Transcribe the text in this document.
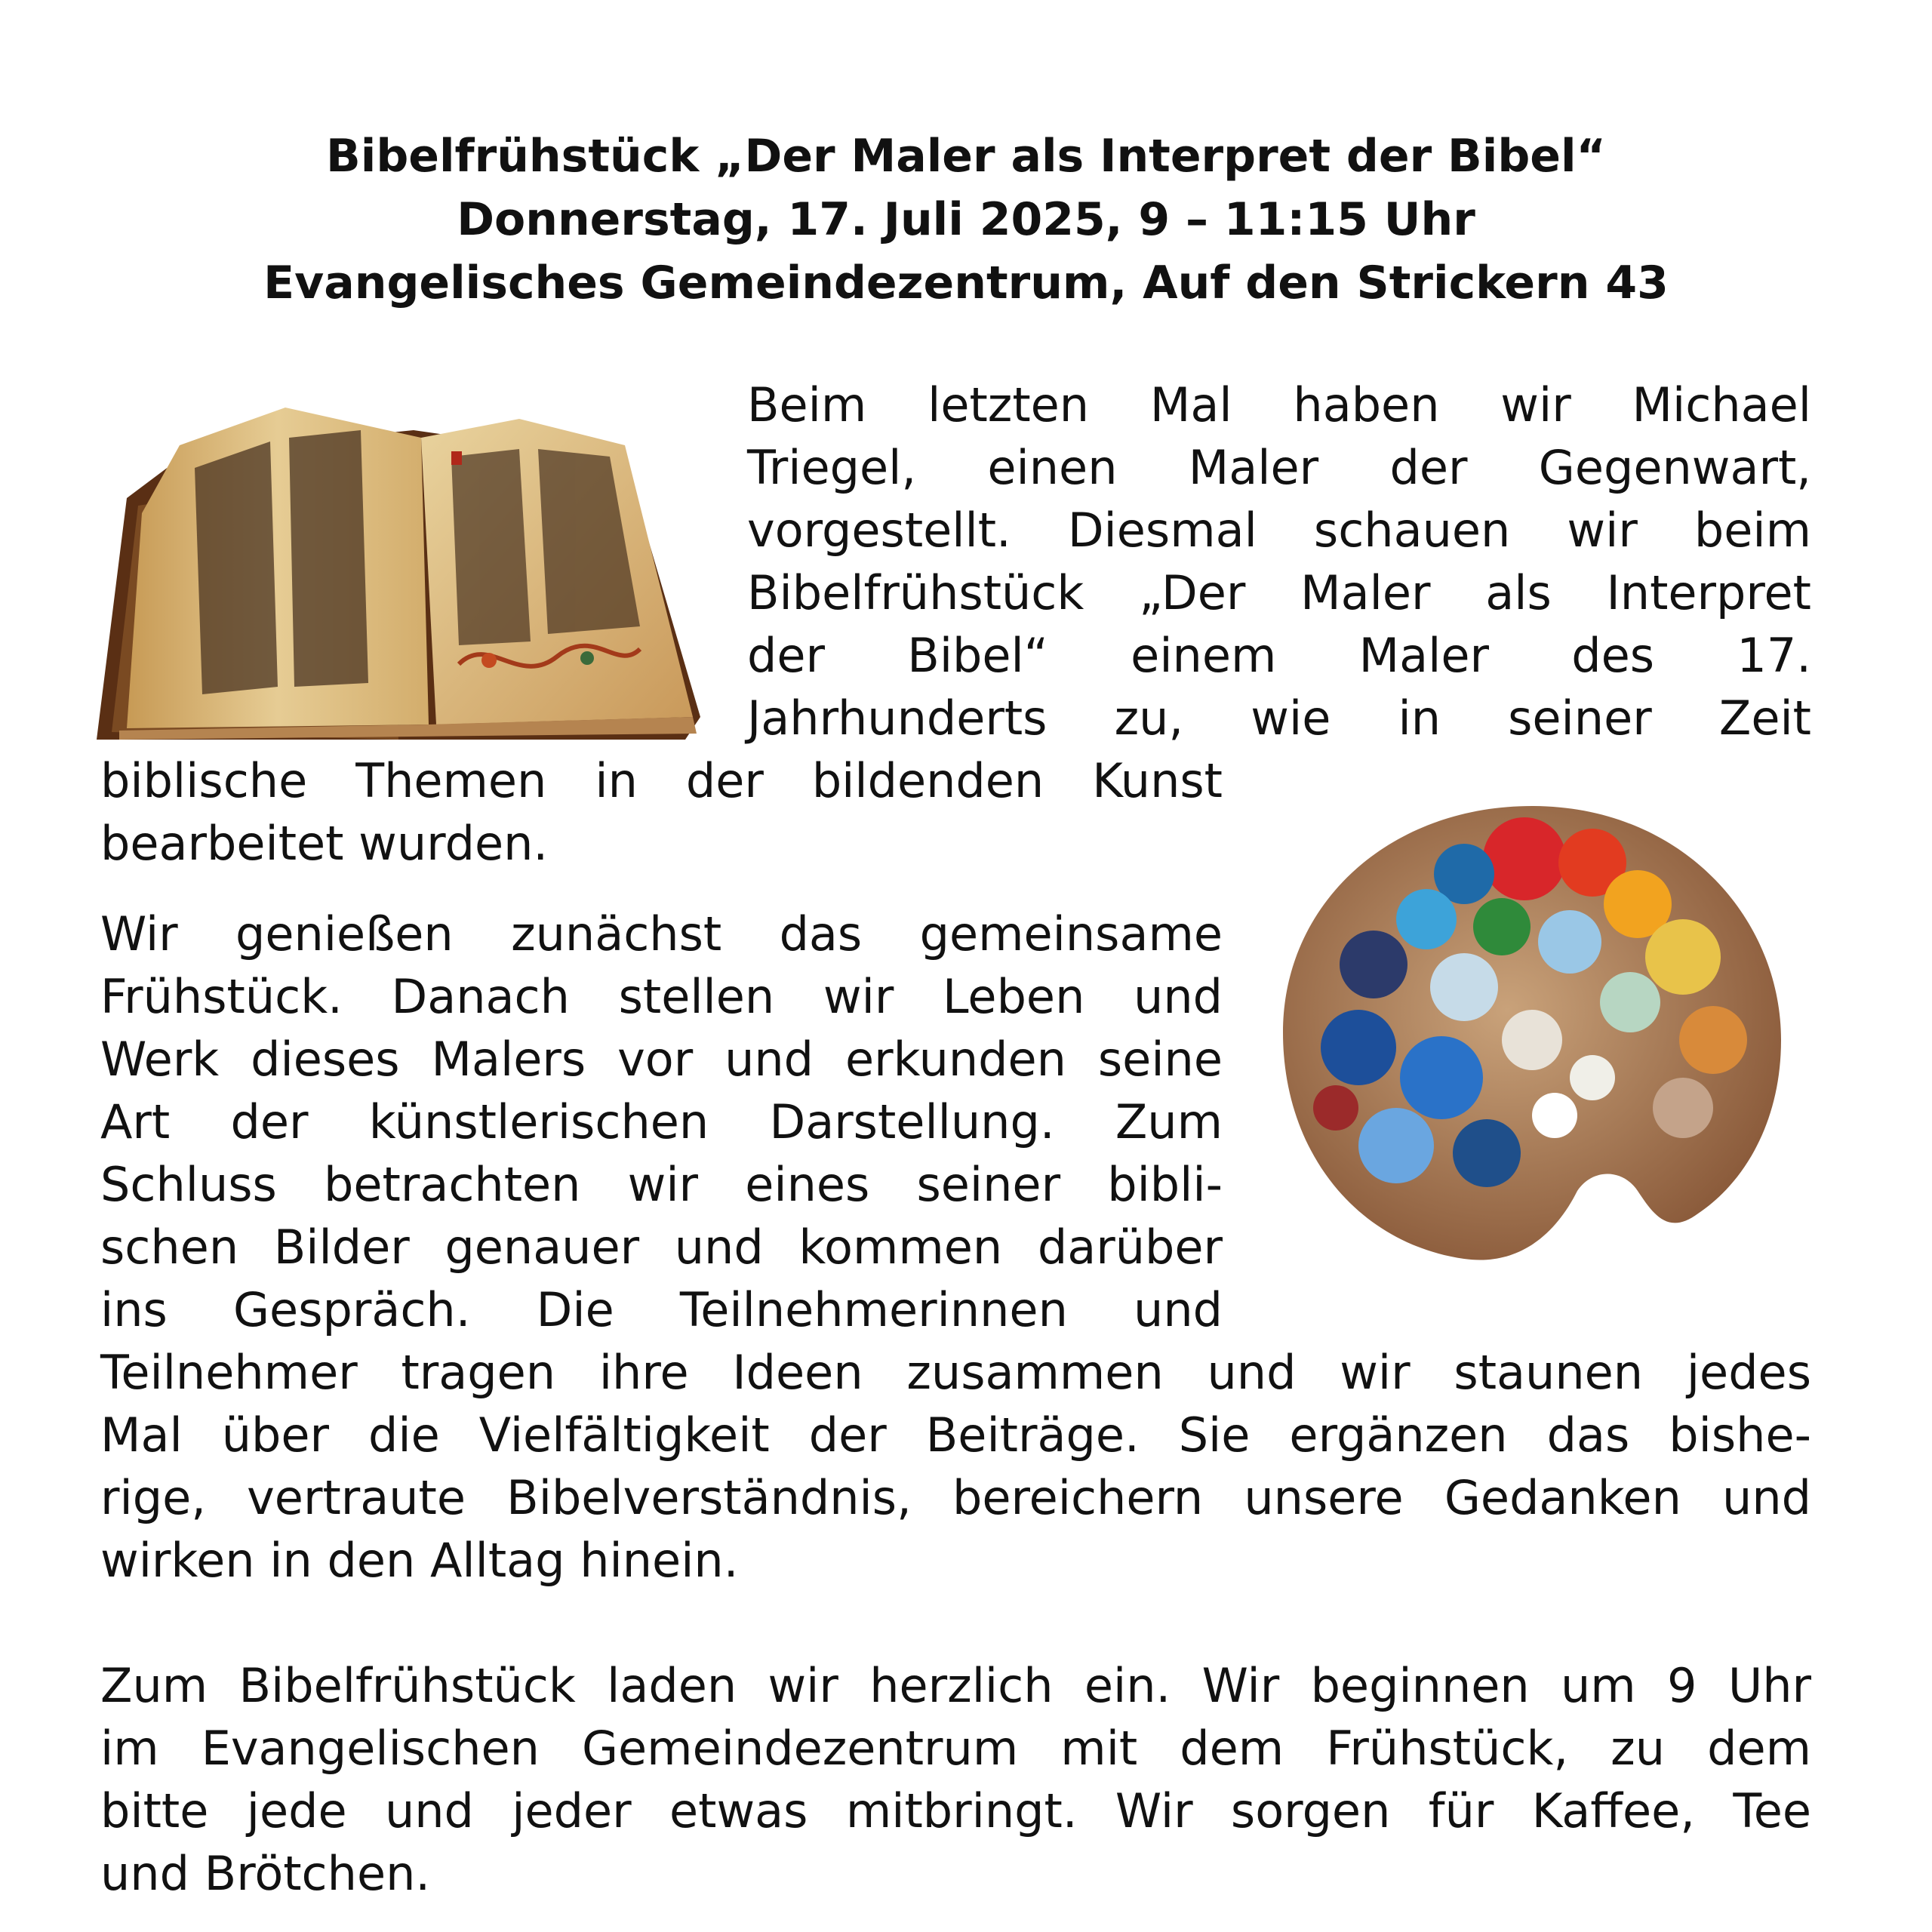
Bibelfrühstück „Der Maler als Interpret der Bibel“
Donnerstag, 17. Juli 2025, 9 – 11:15 Uhr
Evangelisches Gemeindezentrum, Auf den Strickern 43
Beim letzten Mal haben wir Michael
Triegel, einen Maler der Gegenwart,
vorgestellt. Diesmal schauen wir beim
Bibelfrühstück „Der Maler als Interpret
der Bibel“ einem Maler des 17.
Jahrhunderts zu, wie in seiner Zeit
biblische Themen in der bildenden Kunst
bearbeitet wurden.
Wir genießen zunächst das gemeinsame
Frühstück. Danach stellen wir Leben und
Werk dieses Malers vor und erkunden seine
Art der künstlerischen Darstellung. Zum
Schluss betrachten wir eines seiner bibli-
schen Bilder genauer und kommen darüber
ins Gespräch. Die Teilnehmerinnen und
Teilnehmer tragen ihre Ideen zusammen und wir staunen jedes
Mal über die Vielfältigkeit der Beiträge. Sie ergänzen das bishe-
rige, vertraute Bibelverständnis, bereichern unsere Gedanken und
wirken in den Alltag hinein.
Zum Bibelfrühstück laden wir herzlich ein. Wir beginnen um 9 Uhr
im Evangelischen Gemeindezentrum mit dem Frühstück, zu dem
bitte jede und jeder etwas mitbringt. Wir sorgen für Kaffee, Tee
und Brötchen.
